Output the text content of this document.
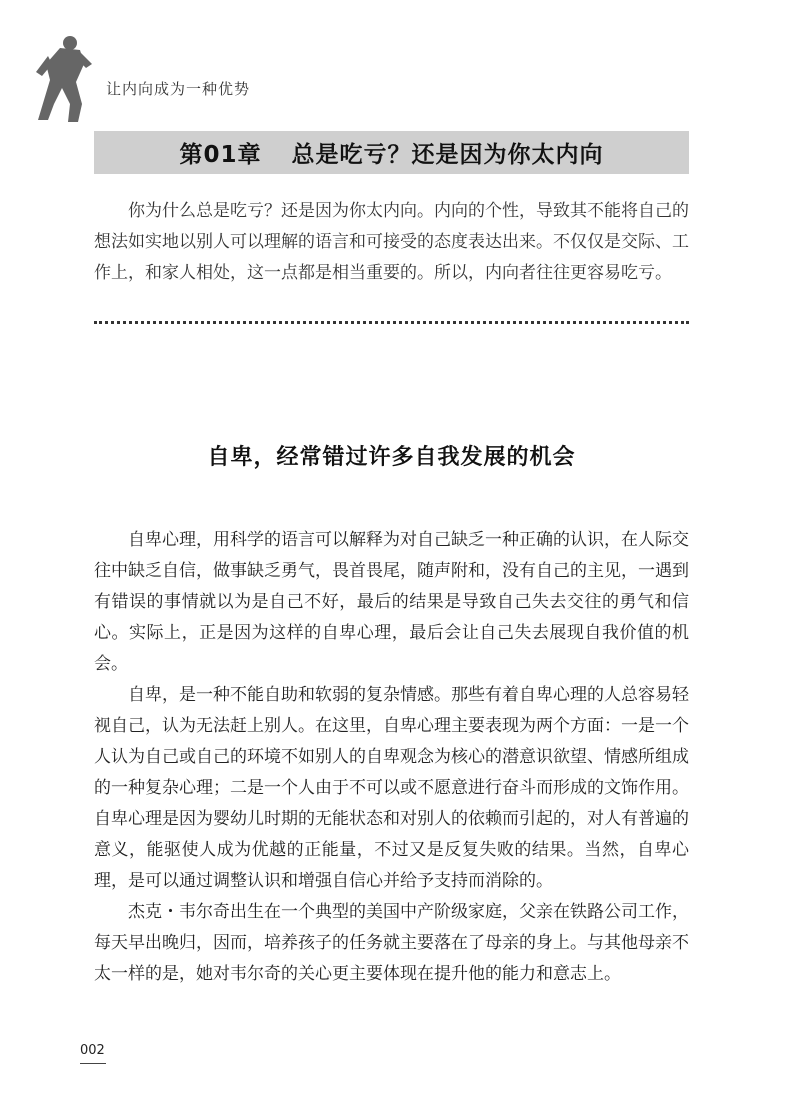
让内向成为一种优势
第01章 总是吃亏？还是因为你太内向

你为什么总是吃亏？还是因为你太内向。内向的个性，导致其不能将自己的想法如实地以别人可以理解的语言和可接受的态度表达出来。不仅仅是交际、工作上，和家人相处，这一点都是相当重要的。所以，内向者往往更容易吃亏。

自卑，经常错过许多自我发展的机会

自卑心理，用科学的语言可以解释为对自己缺乏一种正确的认识，在人际交往中缺乏自信，做事缺乏勇气，畏首畏尾，随声附和，没有自己的主见，一遇到有错误的事情就以为是自己不好，最后的结果是导致自己失去交往的勇气和信心。实际上，正是因为这样的自卑心理，最后会让自己失去展现自我价值的机会。

自卑，是一种不能自助和软弱的复杂情感。那些有着自卑心理的人总容易轻视自己，认为无法赶上别人。在这里，自卑心理主要表现为两个方面：一是一个人认为自己或自己的环境不如别人的自卑观念为核心的潜意识欲望、情感所组成的一种复杂心理；二是一个人由于不可以或不愿意进行奋斗而形成的文饰作用。自卑心理是因为婴幼儿时期的无能状态和对别人的依赖而引起的，对人有普遍的意义，能驱使人成为优越的正能量，不过又是反复失败的结果。当然，自卑心理，是可以通过调整认识和增强自信心并给予支持而消除的。

杰克・韦尔奇出生在一个典型的美国中产阶级家庭，父亲在铁路公司工作，每天早出晚归，因而，培养孩子的任务就主要落在了母亲的身上。与其他母亲不太一样的是，她对韦尔奇的关心更主要体现在提升他的能力和意志上。

002
